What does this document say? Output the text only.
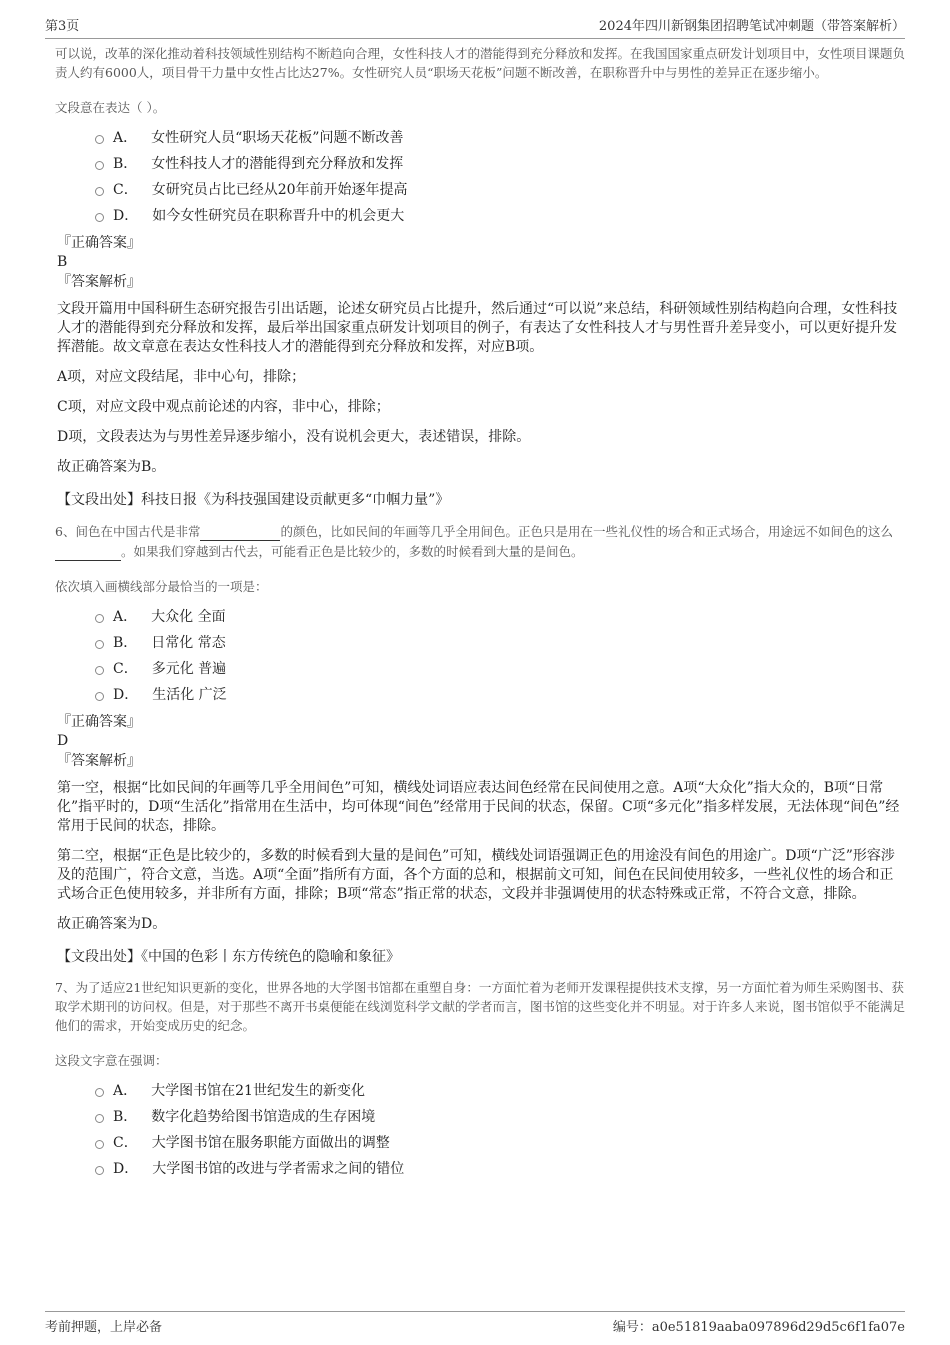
第3页	2024年四川新钢集团招聘笔试冲刺题（带答案解析）

可以说，改革的深化推动着科技领域性别结构不断趋向合理，女性科技人才的潜能得到充分释放和发挥。在我国国家重点研发计划项目中，女性项目课题负责人约有6000人，项目骨干力量中女性占比达27%。女性研究人员“职场天花板”问题不断改善，在职称晋升中与男性的差异正在逐步缩小。

文段意在表达（ ）。
A． 女性研究人员“职场天花板”问题不断改善
B． 女性科技人才的潜能得到充分释放和发挥
C． 女研究员占比已经从20年前开始逐年提高
D． 如今女性研究员在职称晋升中的机会更大
『正确答案』
B
『答案解析』

文段开篇用中国科研生态研究报告引出话题，论述女研究员占比提升，然后通过“可以说”来总结，科研领域性别结构趋向合理，女性科技人才的潜能得到充分释放和发挥，最后举出国家重点研发计划项目的例子，有表达了女性科技人才与男性晋升差异变小，可以更好提升发挥潜能。故文章意在表达女性科技人才的潜能得到充分释放和发挥，对应B项。

A项，对应文段结尾，非中心句，排除；

C项，对应文段中观点前论述的内容，非中心，排除；

D项，文段表达为与男性差异逐步缩小，没有说机会更大，表述错误，排除。

故正确答案为B。

【文段出处】科技日报《为科技强国建设贡献更多“巾帼力量”》
6、间色在中国古代是非常	的颜色，比如民间的年画等几乎全用间色。正色只是用在一些礼仪性的场合和正式场合，用途远不如间色的这么 。如果我们穿越到古代去，可能看正色是比较少的，多数的时候看到大量的是间色。
依次填入画横线部分最恰当的一项是：
A． 大众化 全面
B． 日常化 常态
C． 多元化 普遍
D． 生活化 广泛
『正确答案』
D
『答案解析』

第一空，根据“比如民间的年画等几乎全用间色”可知，横线处词语应表达间色经常在民间使用之意。A项“大众化”指大众的，B项“日常化”指平时的，D项“生活化”指常用在生活中，均可体现“间色”经常用于民间的状态，保留。C项“多元化”指多样发展，无法体现“间色”经常用于民间的状态，排除。

第二空，根据“正色是比较少的，多数的时候看到大量的是间色”可知，横线处词语强调正色的用途没有间色的用途广。D项“广泛”形容涉及的范围广，符合文意，当选。A项“全面”指所有方面，各个方面的总和，根据前文可知，间色在民间使用较多，一些礼仪性的场合和正式场合正色使用较多，并非所有方面，排除；B项“常态”指正常的状态，文段并非强调使用的状态特殊或正常，不符合文意，排除。

故正确答案为D。

【文段出处】《中国的色彩丨东方传统色的隐喻和象征》
7、为了适应21世纪知识更新的变化，世界各地的大学图书馆都在重塑自身：一方面忙着为老师开发课程提供技术支撑，另一方面忙着为师生采购图书、获取学术期刊的访问权。但是，对于那些不离开书桌便能在线浏览科学文献的学者而言，图书馆的这些变化并不明显。对于许多人来说，图书馆似乎不能满足他们的需求，开始变成历史的纪念。
这段文字意在强调：
A． 大学图书馆在21世纪发生的新变化
B． 数字化趋势给图书馆造成的生存困境
C． 大学图书馆在服务职能方面做出的调整
D． 大学图书馆的改进与学者需求之间的错位
考前押题，上岸必备	编号：a0e51819aaba097896d29d5c6f1fa07e
